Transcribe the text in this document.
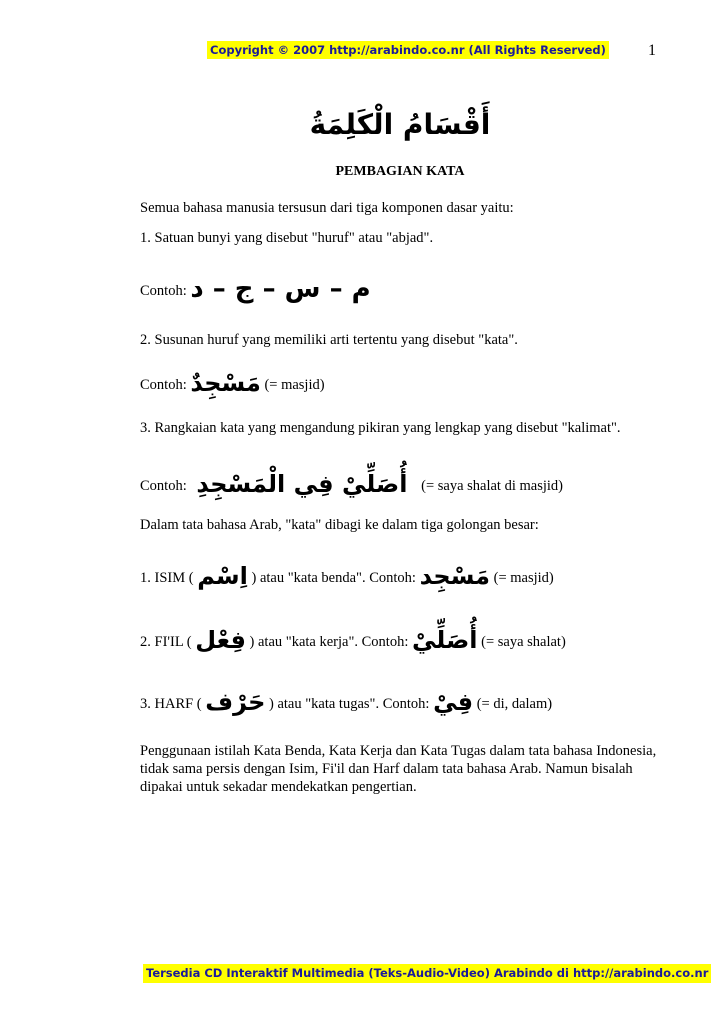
Copyright © 2007 http://arabindo.co.nr (All Rights Reserved)	1
أَقْسَامُ الْكَلِمَةُ
PEMBAGIAN KATA
Semua bahasa manusia tersusun dari tiga komponen dasar yaitu:
1. Satuan bunyi yang disebut "huruf" atau "abjad".
Contoh: م – س – ج – د
2. Susunan huruf yang memiliki arti tertentu yang disebut "kata".
Contoh: مَسْجِدٌ (= masjid)
3. Rangkaian kata yang mengandung pikiran yang lengkap yang disebut "kalimat".
Contoh: أُصَلِّيْ فِي الْمَسْجِدِ (= saya shalat di masjid)
Dalam tata bahasa Arab, "kata" dibagi ke dalam tiga golongan besar:
1. ISIM ( اِسْم ) atau "kata benda". Contoh: مَسْجِد (= masjid)
2. FI'IL ( فِعْل ) atau "kata kerja". Contoh: أُصَلِّيْ (= saya shalat)
3. HARF ( حَرْف ) atau "kata tugas". Contoh: فِيْ (= di, dalam)
Penggunaan istilah Kata Benda, Kata Kerja dan Kata Tugas dalam tata bahasa Indonesia, tidak sama persis dengan Isim, Fi'il dan Harf dalam tata bahasa Arab. Namun bisalah dipakai untuk sekadar mendekatkan pengertian.
Tersedia CD Interaktif Multimedia (Teks-Audio-Video) Arabindo di http://arabindo.co.nr
